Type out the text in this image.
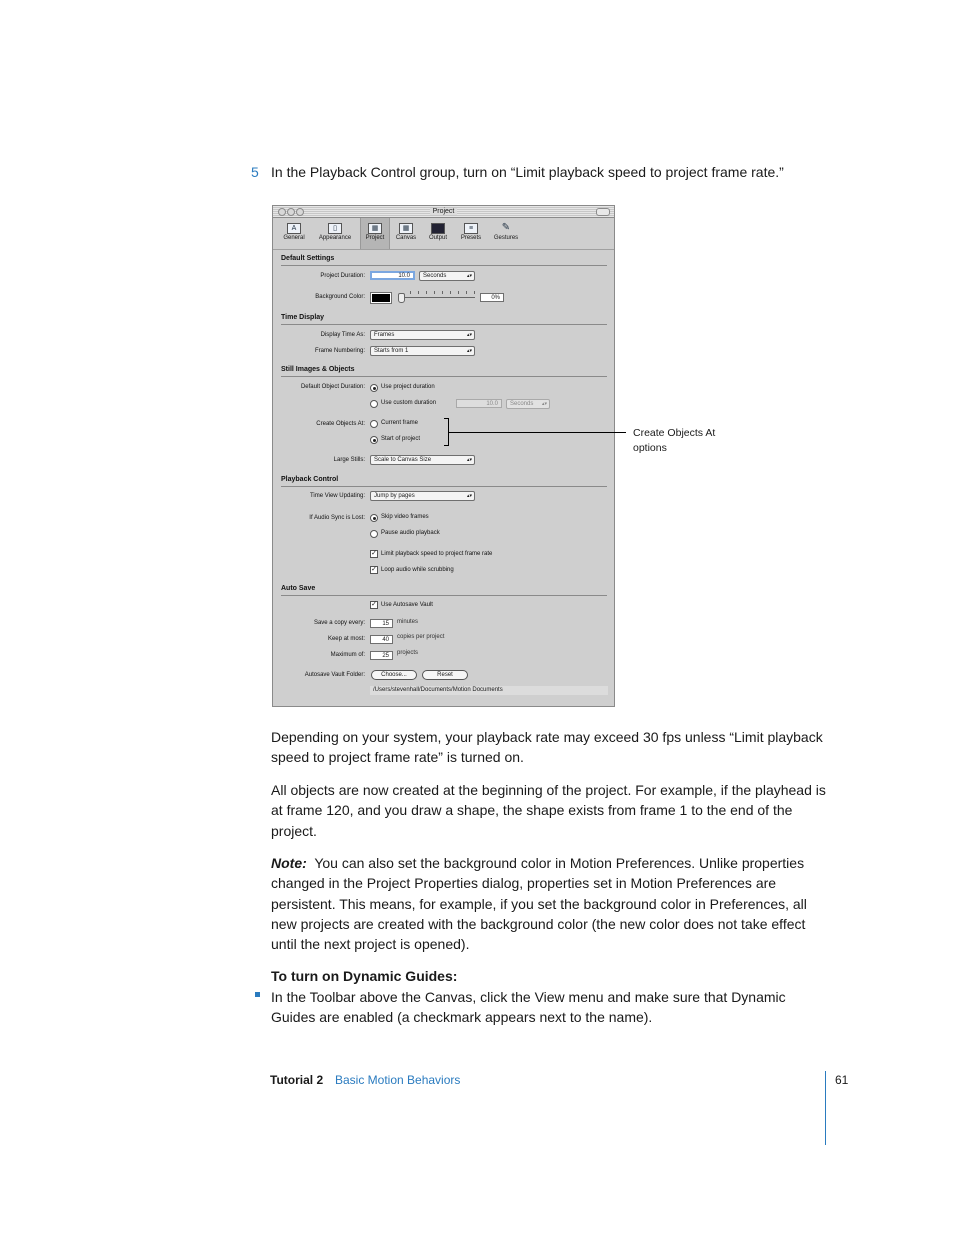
5 In the Playback Control group, turn on “Limit playback speed to project frame rate.”
Project
A
General
▯
Appearance
▦
Project
▦
Canvas	Output
≡
Presets
✎
Gestures
Default Settings
Project Duration:	10.0	Seconds	▴▾
Background Color:	0%
Time Display
Display Time As:	Frames	▴▾
Frame Numbering:	Starts from 1	▴▾
Still Images & Objects
Default Object Duration:	Use project duration
Use custom duration	10.0	Seconds ▴▾
Create Objects At:	Current frame
Start of project
Large Stills:	Scale to Canvas Size	▴▾
Playback Control
Time View Updating:	Jump by pages	▴▾
If Audio Sync is Lost:	Skip video frames
Pause audio playback
✓ Limit playback speed to project frame rate
✓ Loop audio while scrubbing
Auto Save
✓ Use Autosave Vault
Save a copy every:	15	minutes
Keep at most:	40	copies per project
Maximum of:	25	projects
Autosave Vault Folder:	Choose...	Reset
/Users/stevenhall/Documents/Motion Documents
Create Objects At
options
Depending on your system, your playback rate may exceed 30 fps unless “Limit playback speed to project frame rate” is turned on.
All objects are now created at the beginning of the project. For example, if the playhead is at frame 120, and you draw a shape, the shape exists from frame 1 to the end of the project.
Note: You can also set the background color in Motion Preferences. Unlike properties changed in the Project Properties dialog, properties set in Motion Preferences are persistent. This means, for example, if you set the background color in Preferences, all new projects are created with the background color (the new color does not take effect until the next project is opened).
To turn on Dynamic Guides:
In the Toolbar above the Canvas, click the View menu and make sure that Dynamic Guides are enabled (a checkmark appears next to the name).
Tutorial 2 Basic Motion Behaviors	61
